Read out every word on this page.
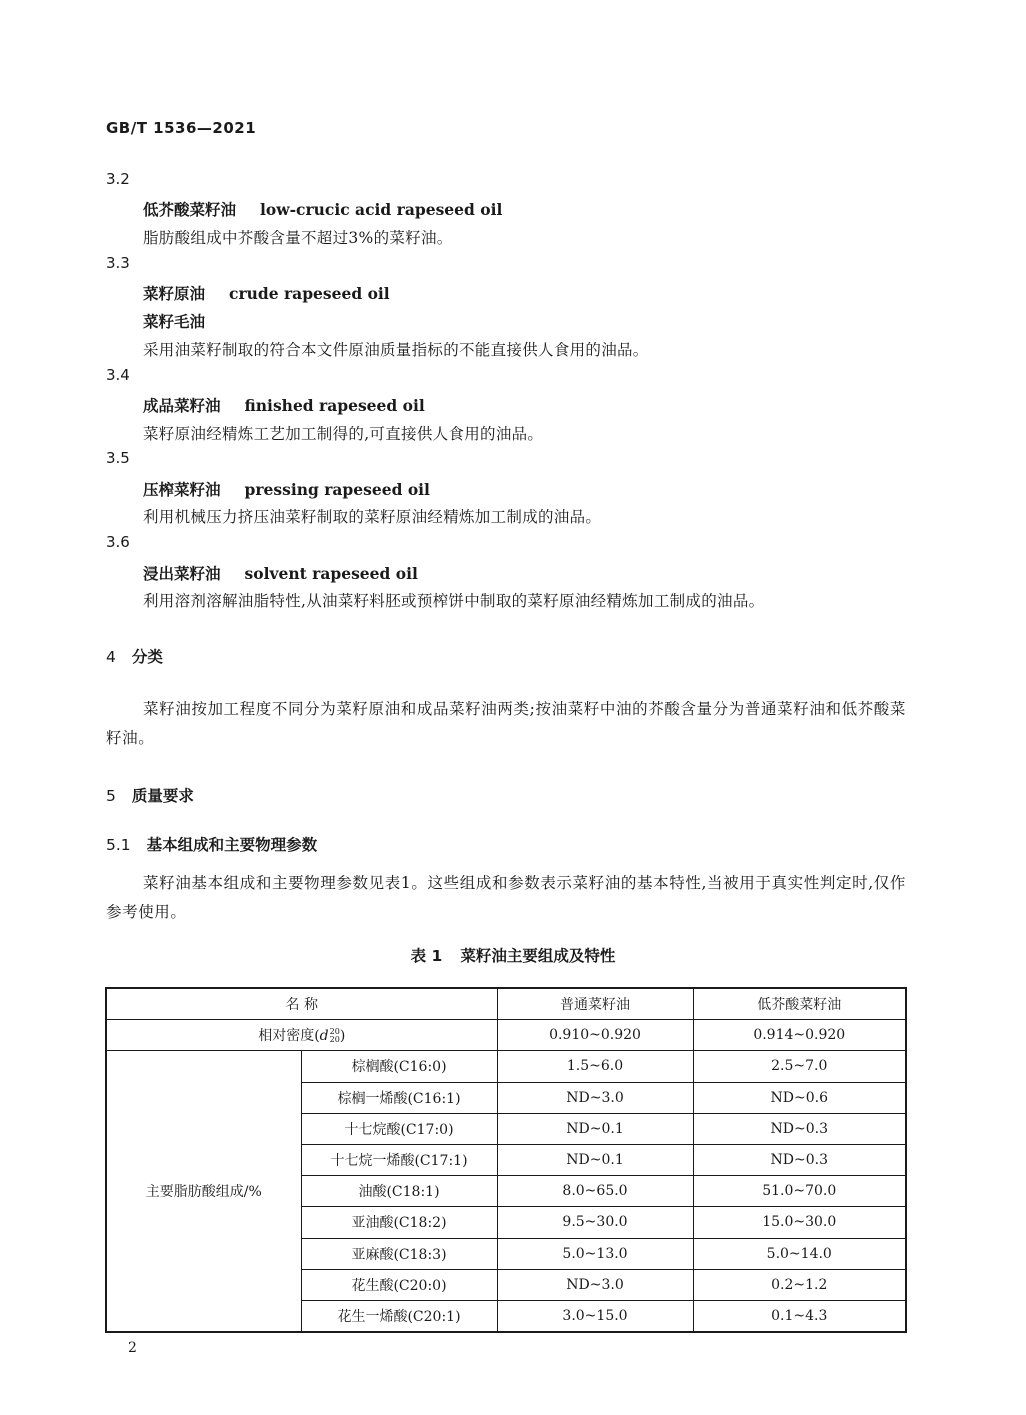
GB/T 1536—2021
3.2
低芥酸菜籽油 low-crucic acid rapeseed oil
脂肪酸组成中芥酸含量不超过3%的菜籽油。
3.3
菜籽原油 crude rapeseed oil
菜籽毛油
采用油菜籽制取的符合本文件原油质量指标的不能直接供人食用的油品。
3.4
成品菜籽油 finished rapeseed oil
菜籽原油经精炼工艺加工制得的,可直接供人食用的油品。
3.5
压榨菜籽油 pressing rapeseed oil
利用机械压力挤压油菜籽制取的菜籽原油经精炼加工制成的油品。
3.6
浸出菜籽油 solvent rapeseed oil
利用溶剂溶解油脂特性,从油菜籽料胚或预榨饼中制取的菜籽原油经精炼加工制成的油品。
4 分类
菜籽油按加工程度不同分为菜籽原油和成品菜籽油两类;按油菜籽中油的芥酸含量分为普通菜籽油和低芥酸菜籽油。
5 质量要求
5.1 基本组成和主要物理参数
菜籽油基本组成和主要物理参数见表1。这些组成和参数表示菜籽油的基本特性,当被用于真实性判定时,仅作参考使用。
表 1 菜籽油主要组成及特性
名 称		普通菜籽油	低芥酸菜籽油
相对密度(d 20
20 )		0.910~0.920	0.914~0.920
主要脂肪酸组成/%	棕榈酸(C16:0)	1.5~6.0	2.5~7.0
	棕榈一烯酸(C16:1)	ND~3.0	ND~0.6
	十七烷酸(C17:0)	ND~0.1	ND~0.3
	十七烷一烯酸(C17:1)	ND~0.1	ND~0.3
	油酸(C18:1)	8.0~65.0	51.0~70.0
	亚油酸(C18:2)	9.5~30.0	15.0~30.0
	亚麻酸(C18:3)	5.0~13.0	5.0~14.0
	花生酸(C20:0)	ND~3.0	0.2~1.2
	花生一烯酸(C20:1)	3.0~15.0	0.1~4.3
2
